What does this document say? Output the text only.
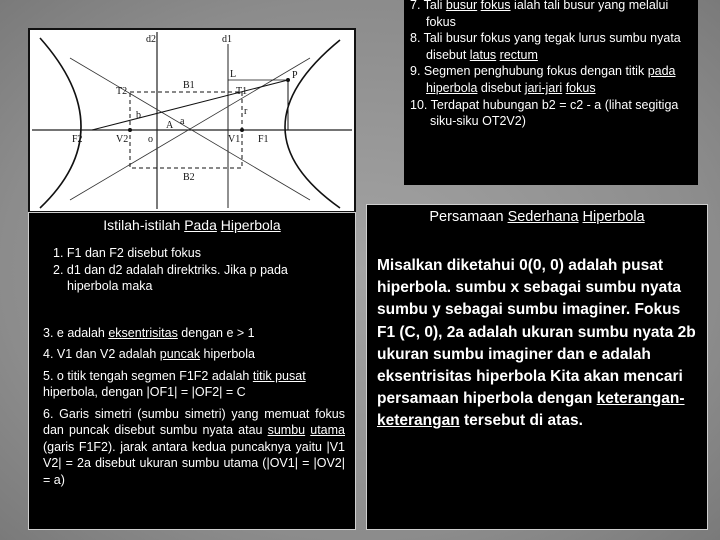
d2	d1
P
L
T2	T1
r
b
a
o
V2	V1
F2	F1
B1
B2
A
7. Tali busur fokus ialah tali busur yang melalui
fokus
8. Tali busur fokus yang tegak lurus sumbu nyata
disebut latus rectum
9. Segmen penghubung fokus dengan titik pada
hiperbola disebut jari-jari fokus
10. Terdapat hubungan b2 = c2 - a (lihat segitiga
siku-siku OT2V2)
Istilah-istilah Pada Hiperbola
1. F1 dan F2 disebut fokus
2. d1 dan d2 adalah direktriks. Jika p pada
hiperbola maka
3. e adalah eksentrisitas dengan e > 1
4. V1 dan V2 adalah puncak hiperbola
5. o titik tengah segmen F1F2 adalah titik pusat hiperbola, dengan |OF1| = |OF2| = C
6. Garis simetri (sumbu simetri) yang memuat fokus dan puncak disebut sumbu nyata atau sumbu utama (garis F1F2). jarak antara kedua puncaknya yaitu |V1 V2| = 2a disebut ukuran sumbu utama (|OV1| = |OV2| = a)
Persamaan Sederhana Hiperbola
Misalkan diketahui 0(0, 0) adalah pusat hiperbola. sumbu x sebagai sumbu nyata sumbu y sebagai sumbu imaginer. Fokus F1 (C, 0), 2a adalah ukuran sumbu nyata 2b ukuran sumbu imaginer dan e adalah eksentrisitas hiperbola Kita akan mencari persamaan hiperbola dengan keterangan-keterangan tersebut di atas.
